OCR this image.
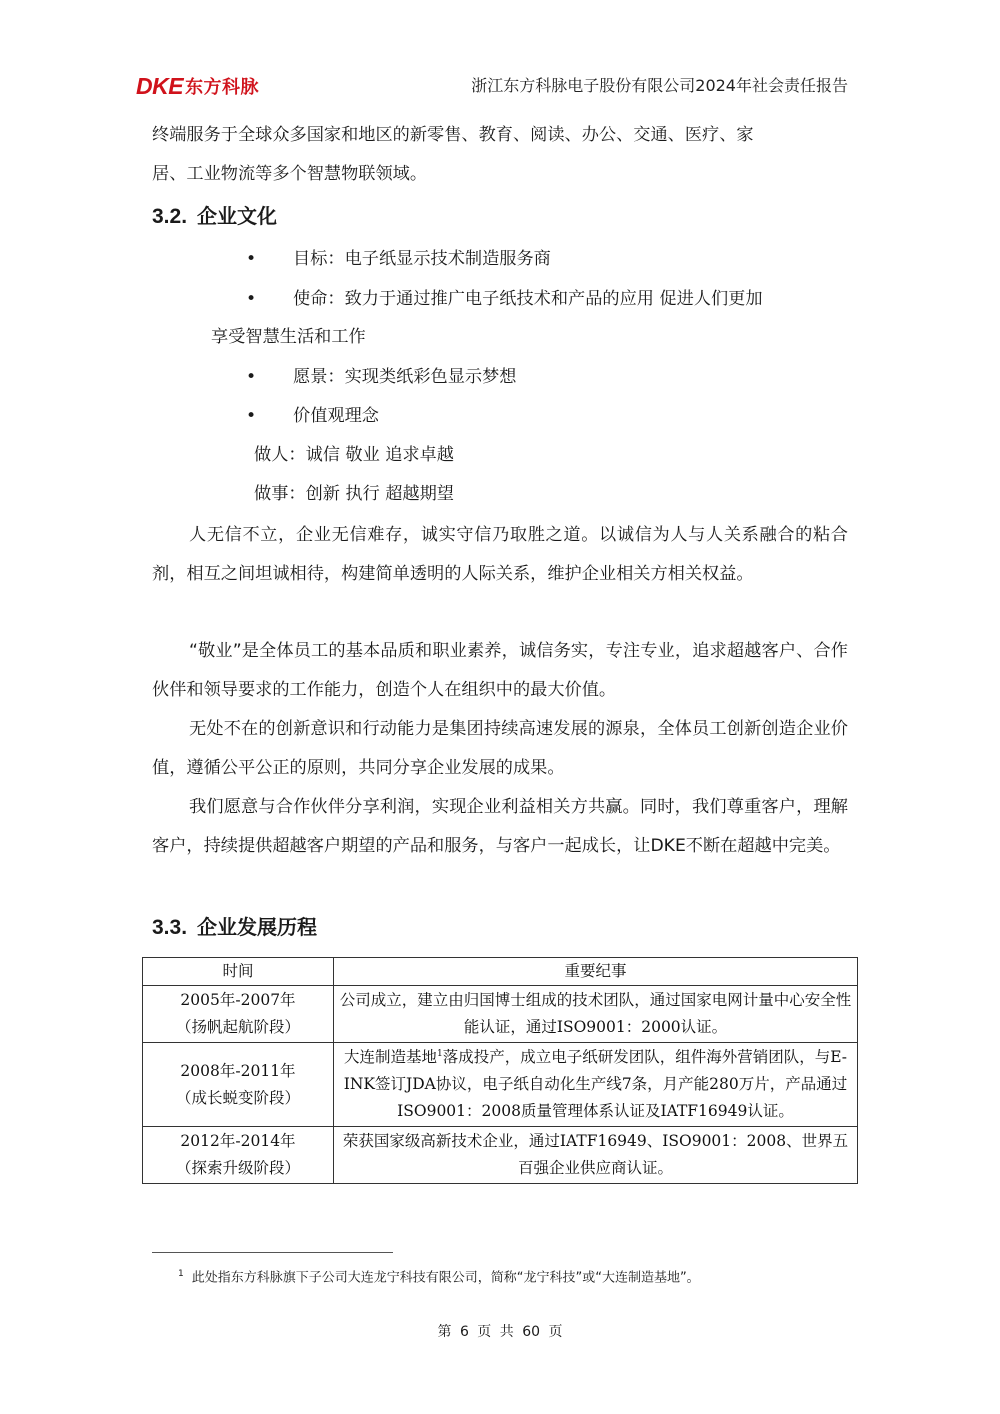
DKE 东方科脉	浙江东方科脉电子股份有限公司2024年社会责任报告
终端服务于全球众多国家和地区的新零售、教育、阅读、办公、交通、医疗、家
居、工业物流等多个智慧物联领域。
3.2. 企业文化
• 目标：电子纸显示技术制造服务商
• 使命：致力于通过推广电子纸技术和产品的应用 促进人们更加
享受智慧生活和工作
• 愿景：实现类纸彩色显示梦想
• 价值观理念
做人：诚信 敬业 追求卓越
做事：创新 执行 超越期望
人无信不立，企业无信难存，诚实守信乃取胜之道。以诚信为人与人关系融合的粘合剂，相互之间坦诚相待，构建简单透明的人际关系，维护企业相关方相关权益。
“敬业”是全体员工的基本品质和职业素养，诚信务实，专注专业，追求超越客户、合作伙伴和领导要求的工作能力，创造个人在组织中的最大价值。
无处不在的创新意识和行动能力是集团持续高速发展的源泉，全体员工创新创造企业价值，遵循公平公正的原则，共同分享企业发展的成果。
我们愿意与合作伙伴分享利润，实现企业利益相关方共赢。同时，我们尊重客户，理解客户，持续提供超越客户期望的产品和服务，与客户一起成长，让DKE不断在超越中完美。
3.3. 企业发展历程
时间	重要纪事

2005年-2007年
（扬帆起航阶段）	公司成立，建立由归国博士组成的技术团队，通过国家电网计量中心安全性能认证，通过ISO9001：2000认证。

2008年-2011年
（成长蜕变阶段）	大连制造基地$^1$落成投产，成立电子纸研发团队，组件海外营销团队，与E-INK签订JDA协议，电子纸自动化生产线7条，月产能280万片，产品通过ISO9001：2008质量管理体系认证及IATF16949认证。

2012年-2014年
（探索升级阶段）	荣获国家级高新技术企业，通过IATF16949、ISO9001：2008、世界五百强企业供应商认证。
$^1$ 此处指东方科脉旗下子公司大连龙宁科技有限公司，简称“龙宁科技”或“大连制造基地”。
第 6 页 共 60 页
